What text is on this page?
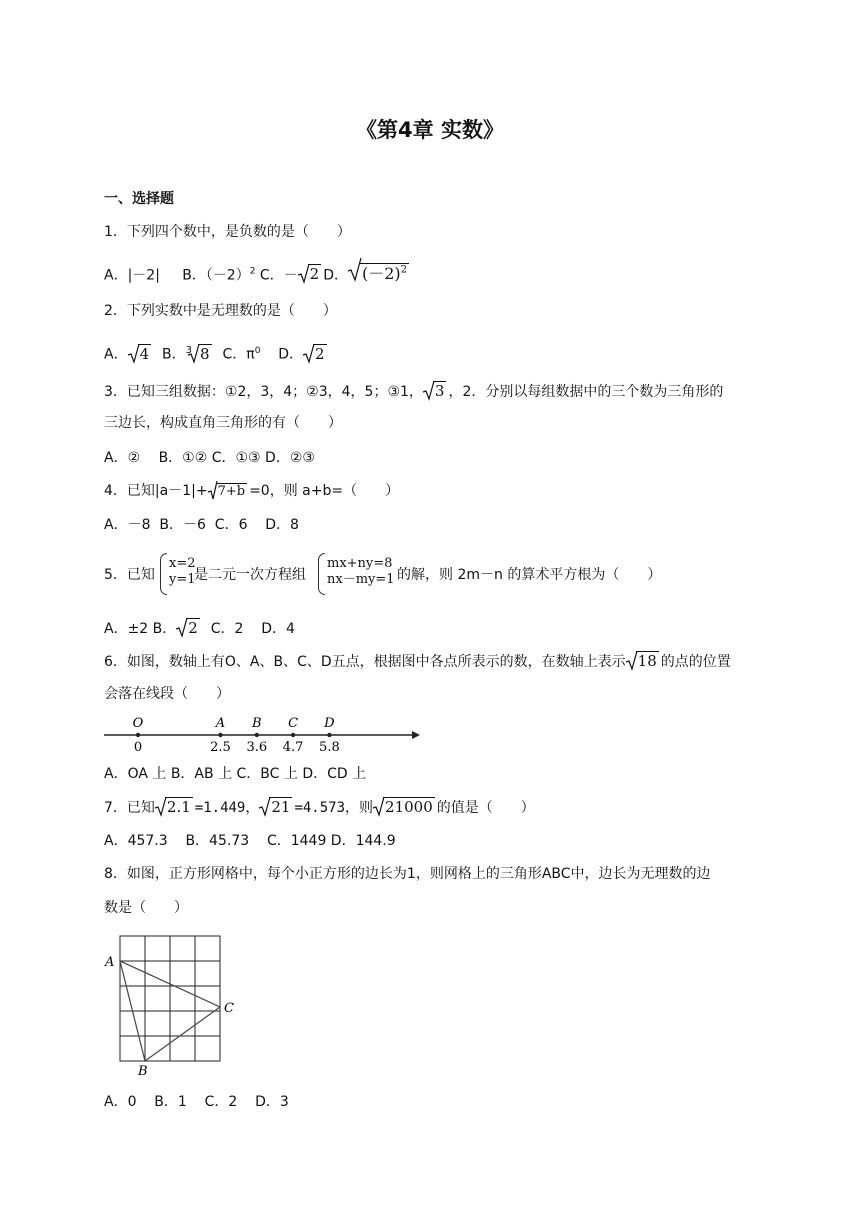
《第4章 实数》
一、选择题
1．下列四个数中，是负数的是（　　）
A．|－2| B．$(-2)^2$ C．－ 2 D． $(-2)^2$
2．下列实数中是无理数的是（　　）
A． 4 B．$^3$ 8 C．$\pi^0$ D． 2
3．已知三组数据：①2，3，4；②3，4，5；③1， 3 ，2．分别以每组数据中的三个数为三角形的
三边长，构成直角三角形的有（　　）
A．②　 B．①② C．①③ D．②③
4．已知|a－1|+ 7+b =0，则 a+b=（　　）
A．－8  B．－6  C．6    D．8
5．已知
x=2
y=1
是二元一次方程组
mx+ny=8
nx－my=1 的解，则 2m－n 的算术平方根为（　　）
A．±2 B． 2 C．2    D．4
6．如图，数轴上有O、A、B、C、D五点，根据图中各点所表示的数，在数轴上表示 18 的点的位置
会落在线段（　　）
O
0
A
2.5
B
3.6
C
4.7
D
5.8
A．OA 上 B．AB 上 C．BC 上 D．CD 上
7．已知 2.1 =1.449， 21 =4.573，则 21000 的值是（　　）
A．457.3    B．45.73    C．1449 D．144.9
8．如图，正方形网格中，每个小正方形的边长为1，则网格上的三角形ABC中，边长为无理数的边
数是（　　）
A
B
C
A．0    B．1    C．2    D．3
